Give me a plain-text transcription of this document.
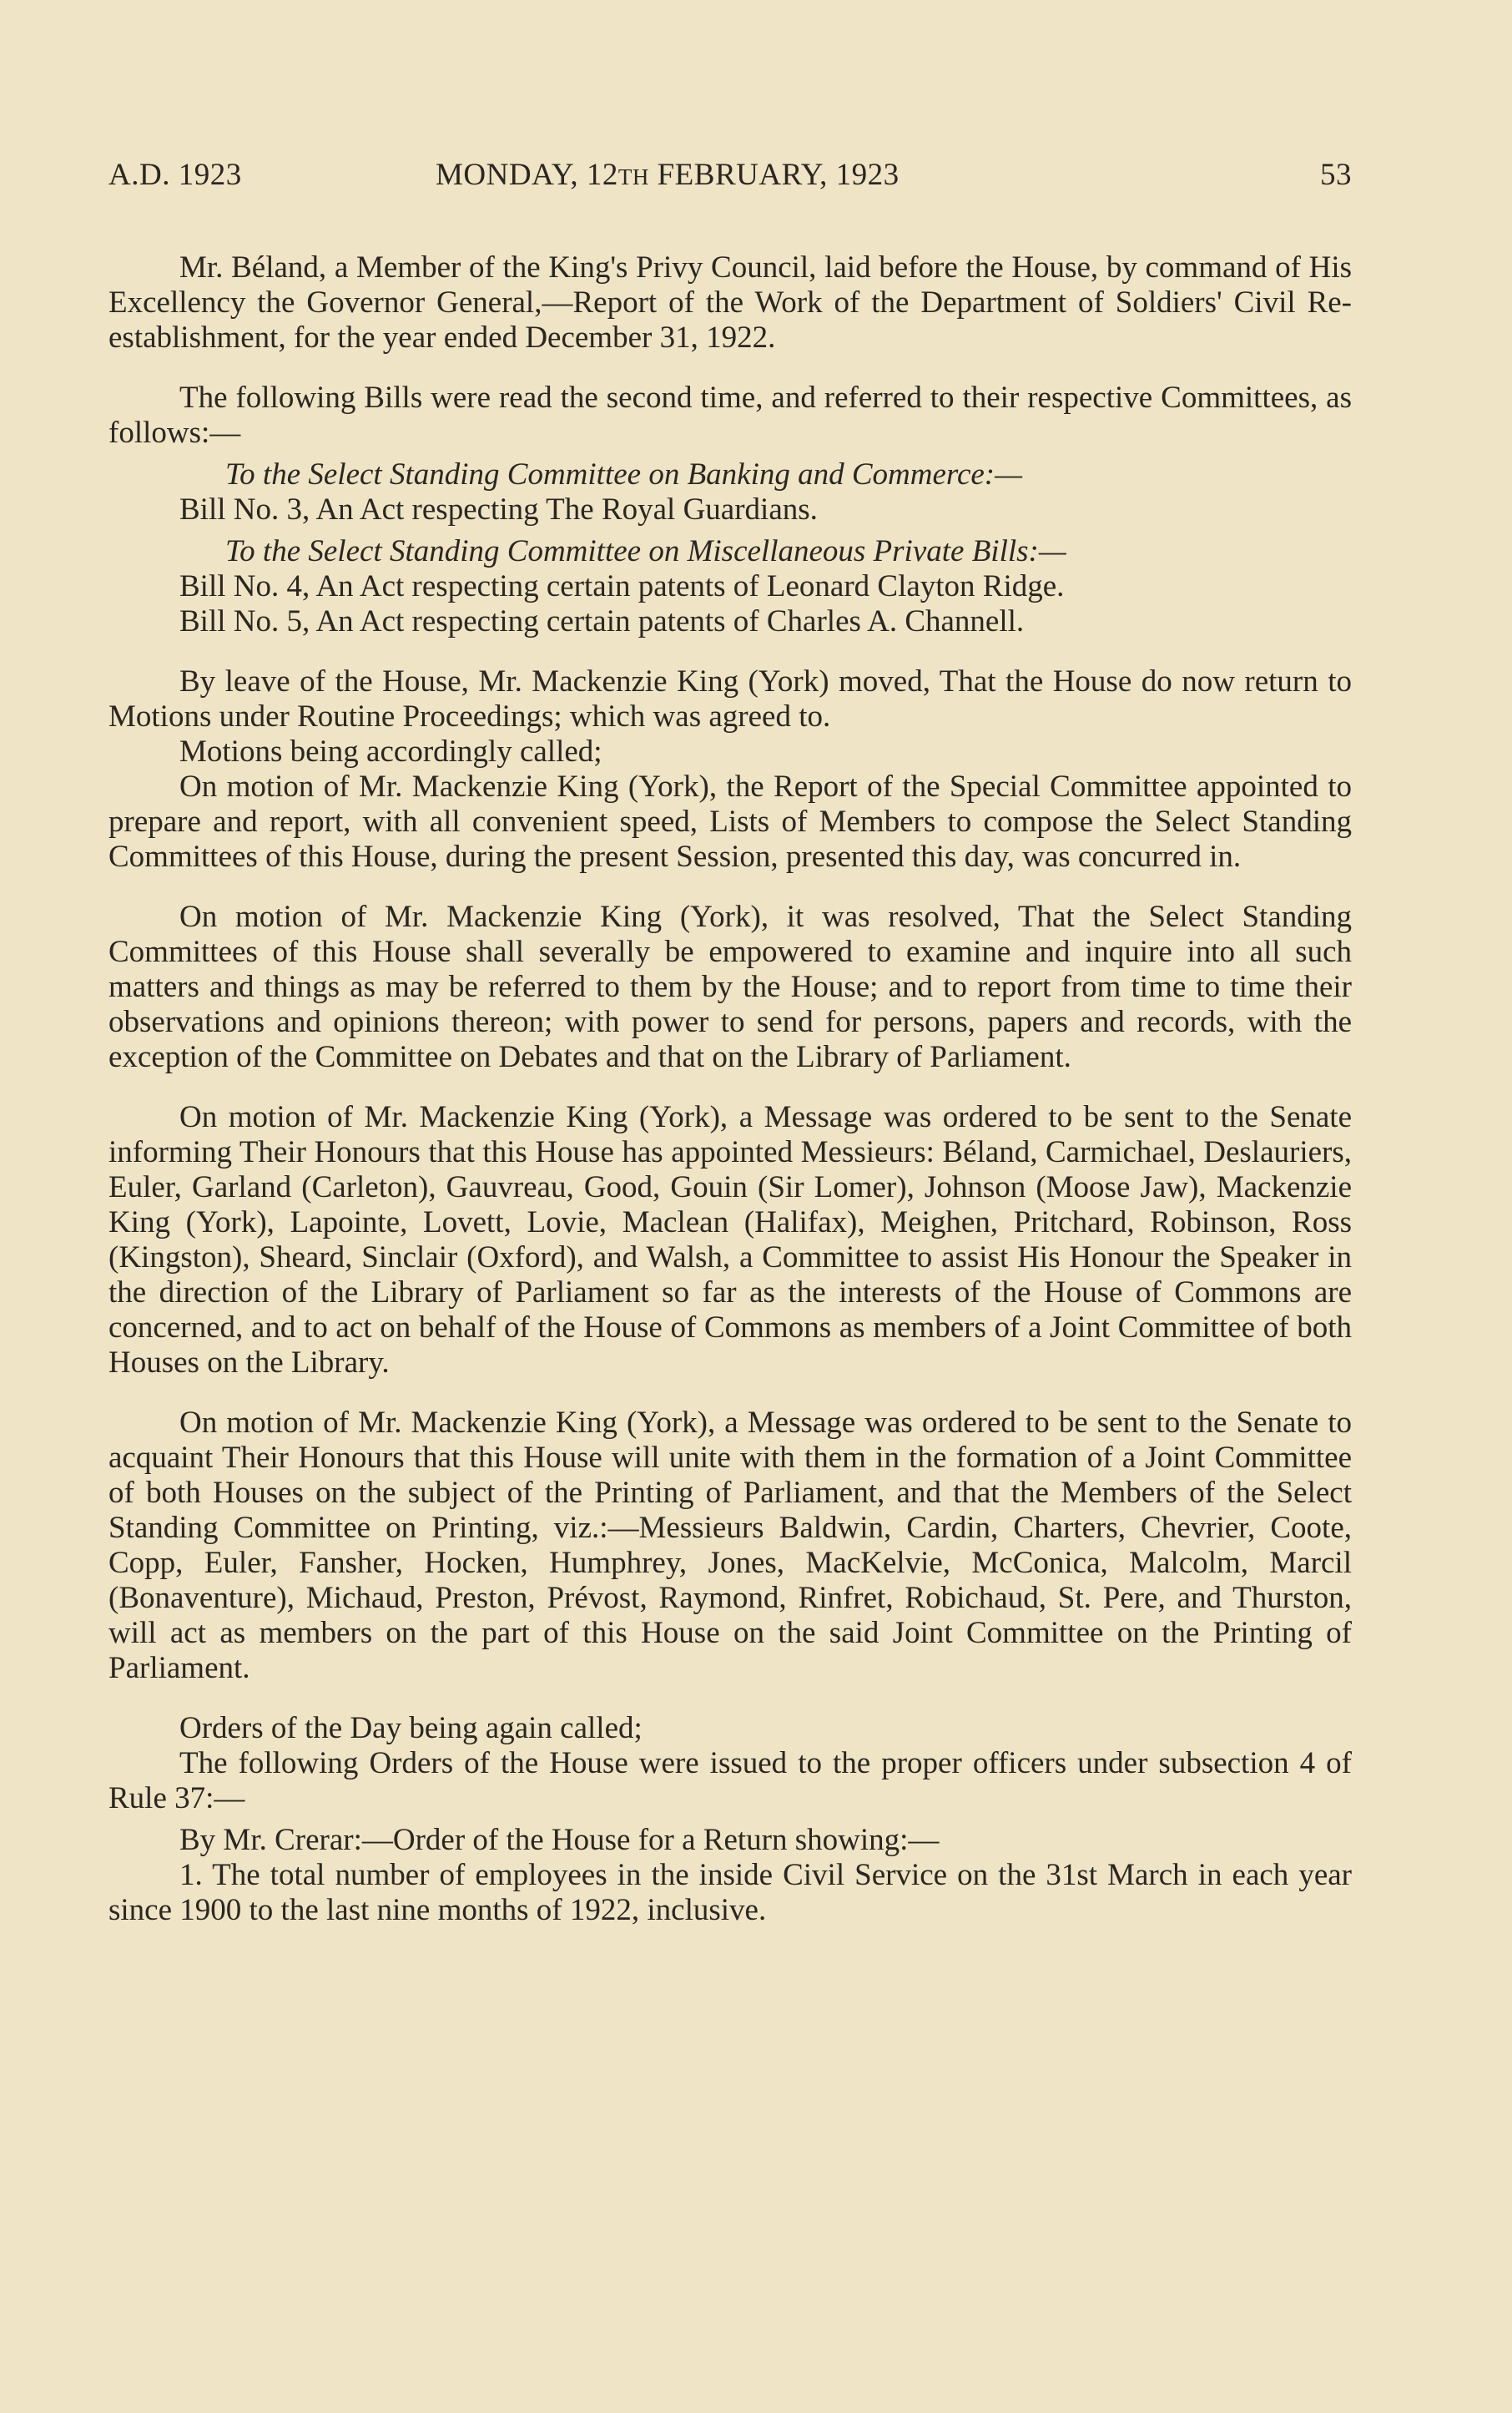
A.D. 1923	MONDAY, 12TH FEBRUARY, 1923	53

Mr. Béland, a Member of the King's Privy Council, laid before the House, by command of His Excellency the Governor General,—Report of the Work of the Department of Soldiers' Civil Re-establishment, for the year ended December 31, 1922.

The following Bills were read the second time, and referred to their respective Committees, as follows:—

To the Select Standing Committee on Banking and Commerce:—

Bill No. 3, An Act respecting The Royal Guardians.

To the Select Standing Committee on Miscellaneous Private Bills:—

Bill No. 4, An Act respecting certain patents of Leonard Clayton Ridge.

Bill No. 5, An Act respecting certain patents of Charles A. Channell.

By leave of the House, Mr. Mackenzie King (York) moved, That the House do now return to Motions under Routine Proceedings; which was agreed to.

Motions being accordingly called;

On motion of Mr. Mackenzie King (York), the Report of the Special Committee appointed to prepare and report, with all convenient speed, Lists of Members to compose the Select Standing Committees of this House, during the present Session, presented this day, was concurred in.

On motion of Mr. Mackenzie King (York), it was resolved, That the Select Standing Committees of this House shall severally be empowered to examine and inquire into all such matters and things as may be referred to them by the House; and to report from time to time their observations and opinions thereon; with power to send for persons, papers and records, with the exception of the Committee on Debates and that on the Library of Parliament.

On motion of Mr. Mackenzie King (York), a Message was ordered to be sent to the Senate informing Their Honours that this House has appointed Messieurs: Béland, Carmichael, Deslauriers, Euler, Garland (Carleton), Gauvreau, Good, Gouin (Sir Lomer), Johnson (Moose Jaw), Mackenzie King (York), Lapointe, Lovett, Lovie, Maclean (Halifax), Meighen, Pritchard, Robinson, Ross (Kingston), Sheard, Sinclair (Oxford), and Walsh, a Committee to assist His Honour the Speaker in the direction of the Library of Parliament so far as the interests of the House of Commons are concerned, and to act on behalf of the House of Commons as members of a Joint Committee of both Houses on the Library.

On motion of Mr. Mackenzie King (York), a Message was ordered to be sent to the Senate to acquaint Their Honours that this House will unite with them in the formation of a Joint Committee of both Houses on the subject of the Printing of Parliament, and that the Members of the Select Standing Committee on Printing, viz.:—Messieurs Baldwin, Cardin, Charters, Chevrier, Coote, Copp, Euler, Fansher, Hocken, Humphrey, Jones, MacKelvie, McConica, Malcolm, Marcil (Bonaventure), Michaud, Preston, Prévost, Raymond, Rinfret, Robichaud, St. Pere, and Thurston, will act as members on the part of this House on the said Joint Committee on the Printing of Parliament.

Orders of the Day being again called;

The following Orders of the House were issued to the proper officers under subsection 4 of Rule 37:—

By Mr. Crerar:—Order of the House for a Return showing:—

1. The total number of employees in the inside Civil Service on the 31st March in each year since 1900 to the last nine months of 1922, inclusive.
